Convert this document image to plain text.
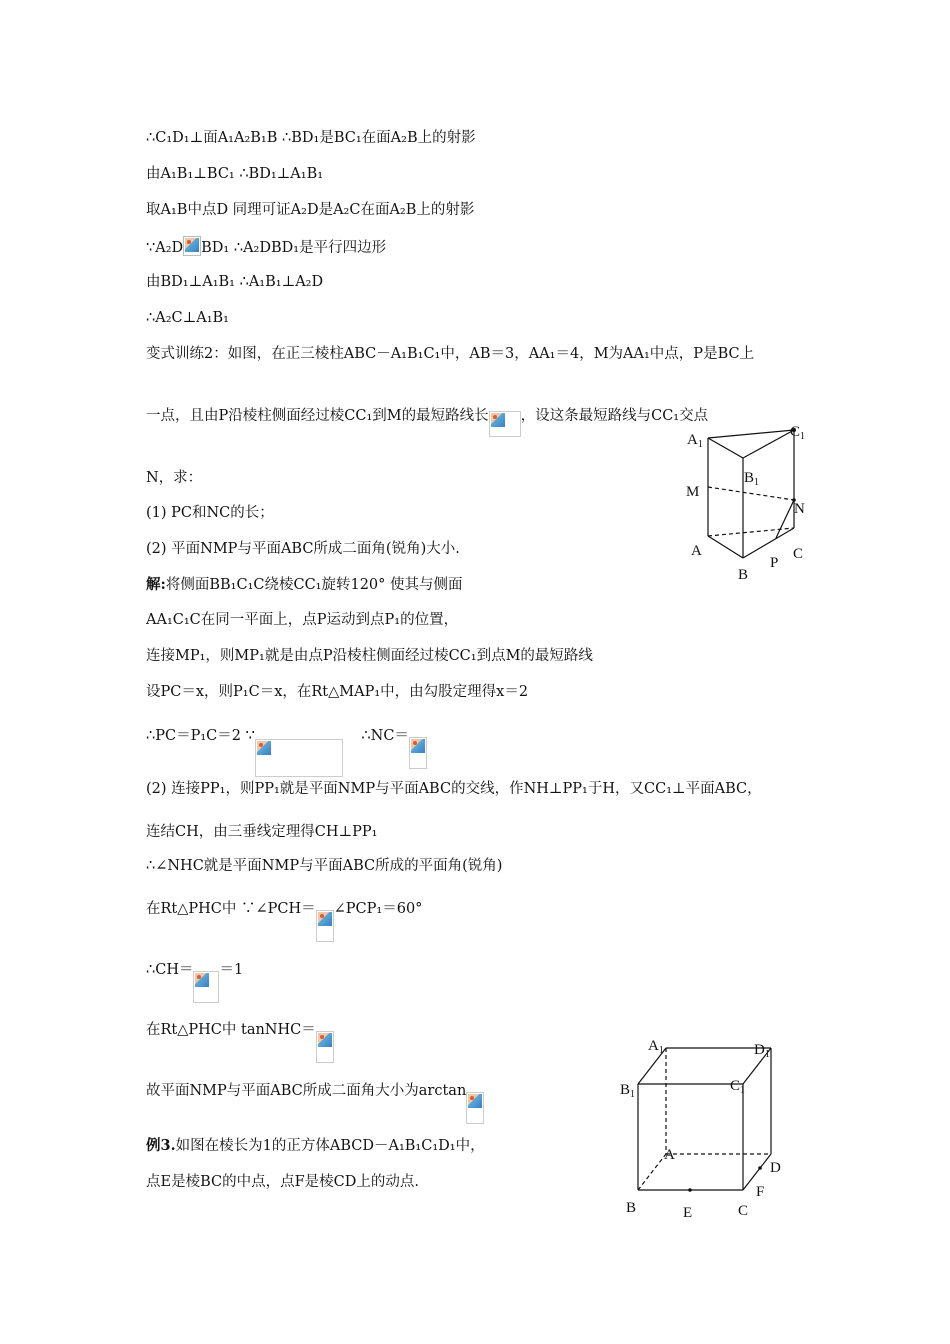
∴C₁D₁⊥面A₁A₂B₁B ∴BD₁是BC₁在面A₂B上的射影
由A₁B₁⊥BC₁ ∴BD₁⊥A₁B₁
取A₁B中点D 同理可证A₂D是A₂C在面A₂B上的射影
∵A₂D BD₁ ∴A₂DBD₁是平行四边形
由BD₁⊥A₁B₁ ∴A₁B₁⊥A₂D
∴A₂C⊥A₁B₁
变式训练2：如图，在正三棱柱ABC－A₁B₁C₁中，AB＝3，AA₁＝4，M为AA₁中点，P是BC上
一点，且由P沿棱柱侧面经过棱CC₁到M的最短路线长 ，设这条最短路线与CC₁交点
N，求：
(1) PC和NC的长；
(2) 平面NMP与平面ABC所成二面角(锐角)大小.
解:将侧面BB₁C₁C绕棱CC₁旋转120° 使其与侧面
AA₁C₁C在同一平面上，点P运动到点P₁的位置，
连接MP₁，则MP₁就是由点P沿棱柱侧面经过棱CC₁到点M的最短路线
设PC＝x，则P₁C＝x，在Rt△MAP₁中，由勾股定理得x＝2
∴PC＝P₁C＝2 ∵	∴NC＝
(2) 连接PP₁，则PP₁就是平面NMP与平面ABC的交线，作NH⊥PP₁于H，又CC₁⊥平面ABC，
连结CH，由三垂线定理得CH⊥PP₁
∴∠NHC就是平面NMP与平面ABC所成的平面角(锐角)
在Rt△PHC中 ∵∠PCH＝ ∠PCP₁＝60°
∴CH＝ ＝1
在Rt△PHC中 tanNHC＝
故平面NMP与平面ABC所成二面角大小为arctan
例3.如图在棱长为1的正方体ABCD－A₁B₁C₁D₁中，
点E是棱BC的中点，点F是棱CD上的动点.
$A_1$
$C_1$
$B_1$
M
N
A	C
P
B
$A_1$	$D_1$
$B_1$
$C_1$
A
D
F
B	E	C
